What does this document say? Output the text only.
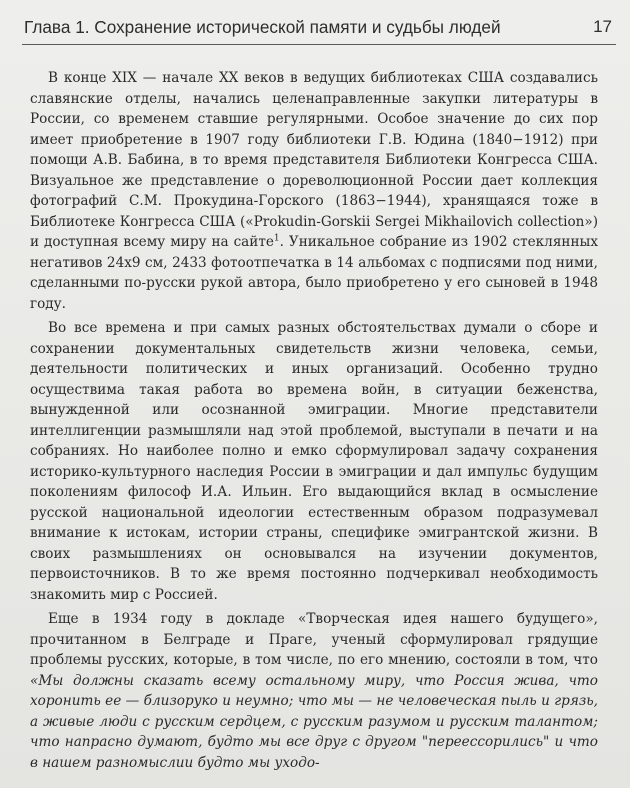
Глава 1. Сохранение исторической памяти и судьбы людей	17

В конце XIX — начале XX веков в ведущих библиотеках США создавались славянские отделы, начались целенаправленные закупки литературы в России, со временем ставшие регулярными. Особое значение до сих пор имеет приобретение в 1907 году библиотеки Г.В. Юдина (1840−1912) при помощи А.В. Бабина, в то время представителя Библиотеки Конгресса США. Визуальное же представление о дореволюционной России дает коллекция фотографий С.М. Прокудина-Горского (1863−1944), хранящаяся тоже в Библиотеке Конгресса США («Prokudin-Gorskii Sergei Mikhailovich collection») и доступная всему миру на сайте$^1$. Уникальное собрание из 1902 стеклянных негативов 24х9 см, 2433 фотоотпечатка в 14 альбомах с подписями под ними, сделанными по-русски рукой автора, было приобретено у его сыновей в 1948 году.

Во все времена и при самых разных обстоятельствах думали о сборе и сохранении документальных свидетельств жизни человека, семьи, деятельности политических и иных организаций. Особенно трудно осуществима такая работа во времена войн, в ситуации беженства, вынужденной или осознанной эмиграции. Многие представители интеллигенции размышляли над этой проблемой, выступали в печати и на собраниях. Но наиболее полно и емко сформулировал задачу сохранения историко-культурного наследия России в эмиграции и дал импульс будущим поколениям философ И.А. Ильин. Его выдающийся вклад в осмысление русской национальной идеологии естественным образом подразумевал внимание к истокам, истории страны, специфике эмигрантской жизни. В своих размышлениях он основывался на изучении документов, первоисточников. В то же время постоянно подчеркивал необходимость знакомить мир с Россией.

Еще в 1934 году в докладе «Творческая идея нашего будущего», прочитанном в Белграде и Праге, ученый сформулировал грядущие проблемы русских, которые, в том числе, по его мнению, состояли в том, что «Мы должны сказать всему остальному миру, что Россия жива, что хоронить ее — близоруко и неумно; что мы — не человеческая пыль и грязь, а живые люди с русским сердцем, с русским разумом и русским талантом; что напрасно думают, будто мы все друг с другом "переессорились" и что в нашем разномыслии будто мы уходо-
